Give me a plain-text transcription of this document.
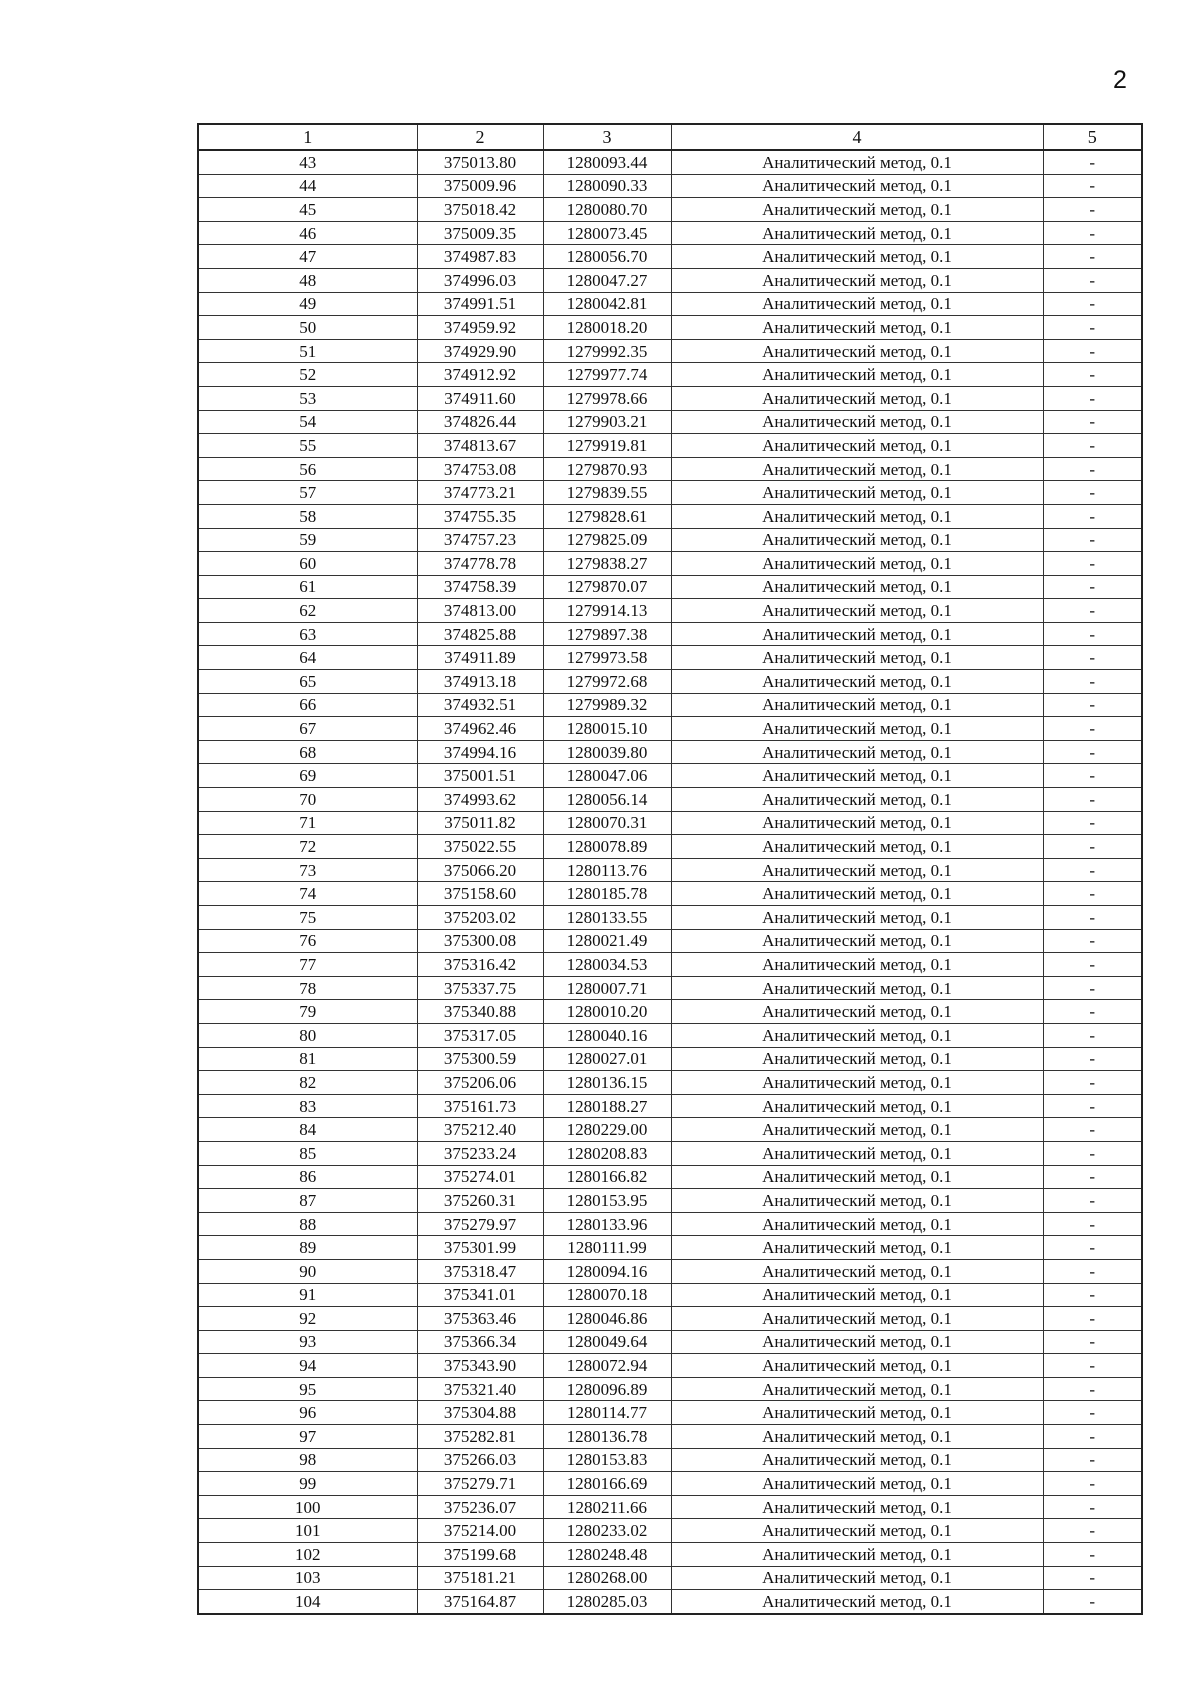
2
1	2	3	4	5
43	375013.80	1280093.44	Аналитический метод, 0.1	-
44	375009.96	1280090.33	Аналитический метод, 0.1	-
45	375018.42	1280080.70	Аналитический метод, 0.1	-
46	375009.35	1280073.45	Аналитический метод, 0.1	-
47	374987.83	1280056.70	Аналитический метод, 0.1	-
48	374996.03	1280047.27	Аналитический метод, 0.1	-
49	374991.51	1280042.81	Аналитический метод, 0.1	-
50	374959.92	1280018.20	Аналитический метод, 0.1	-
51	374929.90	1279992.35	Аналитический метод, 0.1	-
52	374912.92	1279977.74	Аналитический метод, 0.1	-
53	374911.60	1279978.66	Аналитический метод, 0.1	-
54	374826.44	1279903.21	Аналитический метод, 0.1	-
55	374813.67	1279919.81	Аналитический метод, 0.1	-
56	374753.08	1279870.93	Аналитический метод, 0.1	-
57	374773.21	1279839.55	Аналитический метод, 0.1	-
58	374755.35	1279828.61	Аналитический метод, 0.1	-
59	374757.23	1279825.09	Аналитический метод, 0.1	-
60	374778.78	1279838.27	Аналитический метод, 0.1	-
61	374758.39	1279870.07	Аналитический метод, 0.1	-
62	374813.00	1279914.13	Аналитический метод, 0.1	-
63	374825.88	1279897.38	Аналитический метод, 0.1	-
64	374911.89	1279973.58	Аналитический метод, 0.1	-
65	374913.18	1279972.68	Аналитический метод, 0.1	-
66	374932.51	1279989.32	Аналитический метод, 0.1	-
67	374962.46	1280015.10	Аналитический метод, 0.1	-
68	374994.16	1280039.80	Аналитический метод, 0.1	-
69	375001.51	1280047.06	Аналитический метод, 0.1	-
70	374993.62	1280056.14	Аналитический метод, 0.1	-
71	375011.82	1280070.31	Аналитический метод, 0.1	-
72	375022.55	1280078.89	Аналитический метод, 0.1	-
73	375066.20	1280113.76	Аналитический метод, 0.1	-
74	375158.60	1280185.78	Аналитический метод, 0.1	-
75	375203.02	1280133.55	Аналитический метод, 0.1	-
76	375300.08	1280021.49	Аналитический метод, 0.1	-
77	375316.42	1280034.53	Аналитический метод, 0.1	-
78	375337.75	1280007.71	Аналитический метод, 0.1	-
79	375340.88	1280010.20	Аналитический метод, 0.1	-
80	375317.05	1280040.16	Аналитический метод, 0.1	-
81	375300.59	1280027.01	Аналитический метод, 0.1	-
82	375206.06	1280136.15	Аналитический метод, 0.1	-
83	375161.73	1280188.27	Аналитический метод, 0.1	-
84	375212.40	1280229.00	Аналитический метод, 0.1	-
85	375233.24	1280208.83	Аналитический метод, 0.1	-
86	375274.01	1280166.82	Аналитический метод, 0.1	-
87	375260.31	1280153.95	Аналитический метод, 0.1	-
88	375279.97	1280133.96	Аналитический метод, 0.1	-
89	375301.99	1280111.99	Аналитический метод, 0.1	-
90	375318.47	1280094.16	Аналитический метод, 0.1	-
91	375341.01	1280070.18	Аналитический метод, 0.1	-
92	375363.46	1280046.86	Аналитический метод, 0.1	-
93	375366.34	1280049.64	Аналитический метод, 0.1	-
94	375343.90	1280072.94	Аналитический метод, 0.1	-
95	375321.40	1280096.89	Аналитический метод, 0.1	-
96	375304.88	1280114.77	Аналитический метод, 0.1	-
97	375282.81	1280136.78	Аналитический метод, 0.1	-
98	375266.03	1280153.83	Аналитический метод, 0.1	-
99	375279.71	1280166.69	Аналитический метод, 0.1	-
100	375236.07	1280211.66	Аналитический метод, 0.1	-
101	375214.00	1280233.02	Аналитический метод, 0.1	-
102	375199.68	1280248.48	Аналитический метод, 0.1	-
103	375181.21	1280268.00	Аналитический метод, 0.1	-
104	375164.87	1280285.03	Аналитический метод, 0.1	-
